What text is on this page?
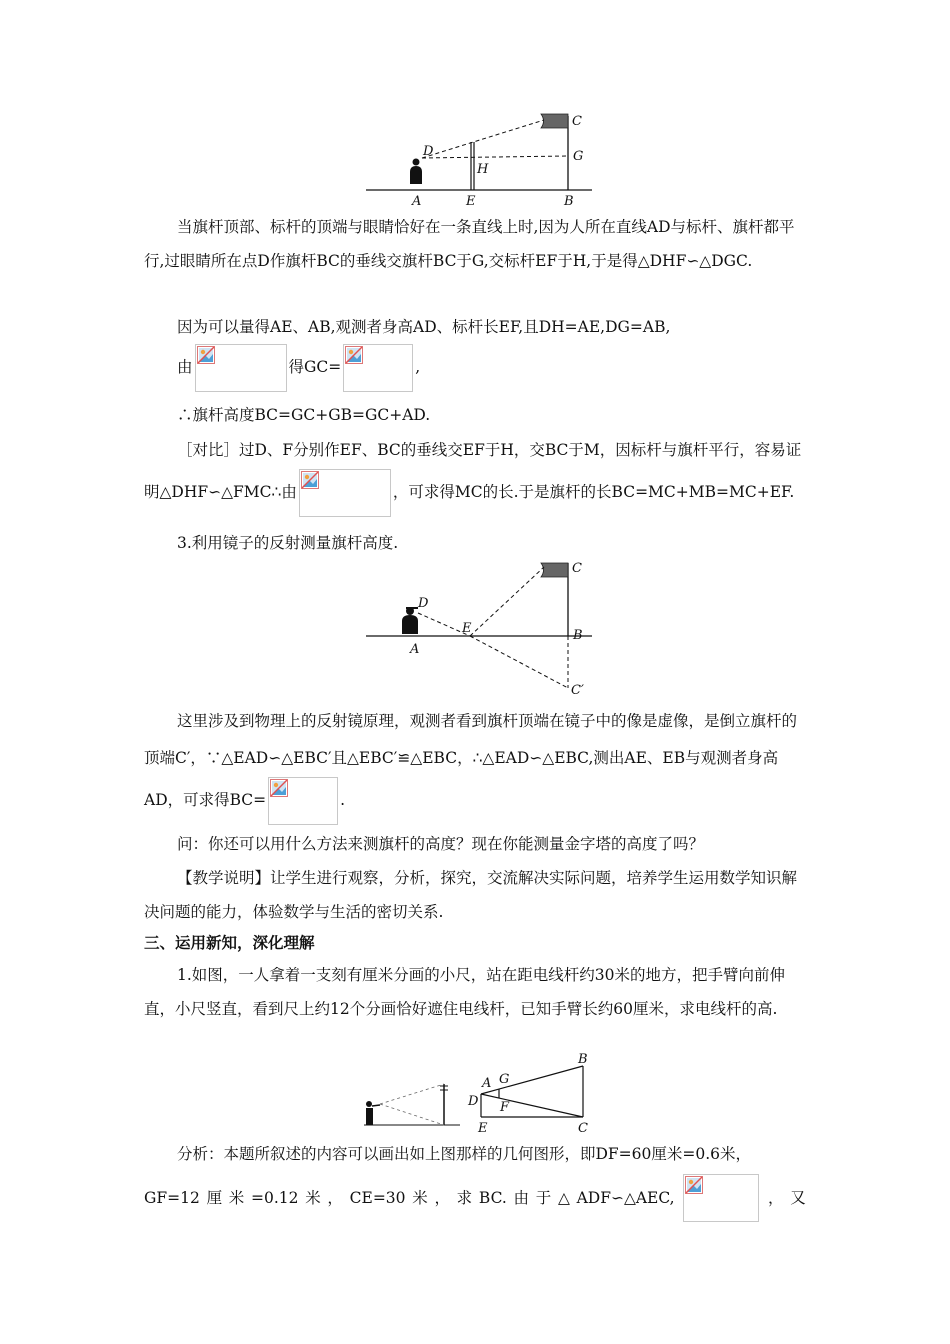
C
D	G
H
A	E	B

当旗杆顶部、标杆的顶端与眼睛恰好在一条直线上时,因为人所在直线AD与标杆、旗杆都平行,过眼睛所在点D作旗杆BC的垂线交旗杆BC于G,交标杆EF于H,于是得△DHF∽△DGC.

因为可以量得AE、AB,观测者身高AD、标杆长EF,且DH=AE,DG=AB,

由	得GC=	,

∴旗杆高度BC=GC+GB=GC+AD.

［对比］过D、F分别作EF、BC的垂线交EF于H，交BC于M，因标杆与旗杆平行，容易证明△DHF∽△FMC∴由	，可求得MC的长.于是旗杆的长BC=MC+MB=MC+EF.

3.利用镜子的反射测量旗杆高度.

C
D
E	B
A
C′
这里涉及到物理上的反射镜原理，观测者看到旗杆顶端在镜子中的像是虚像，是倒立旗杆的顶端C′，∵△EAD∽△EBC′且△EBC′≌△EBC，∴△EAD∽△EBC,测出AE、EB与观测者身高AD，可求得BC=	.

问：你还可以用什么方法来测旗杆的高度？现在你能测量金字塔的高度了吗？

【教学说明】让学生进行观察，分析，探究，交流解决实际问题，培养学生运用数学知识解决问题的能力，体验数学与生活的密切关系.

三、运用新知，深化理解

1.如图，一人拿着一支刻有厘米分画的小尺，站在距电线杆约30米的地方，把手臂向前伸直，小尺竖直，看到尺上约12个分画恰好遮住电线杆，已知手臂长约60厘米，求电线杆的高.

B
A G
D F
E	C

分析：本题所叙述的内容可以画出如上图那样的几何图形，即DF=60厘米=0.6米，

GF=12 厘 米 =0.12 米 ， CE=30 米 ， 求 BC. 由 于 △ ADF∽△AEC,	， 又
